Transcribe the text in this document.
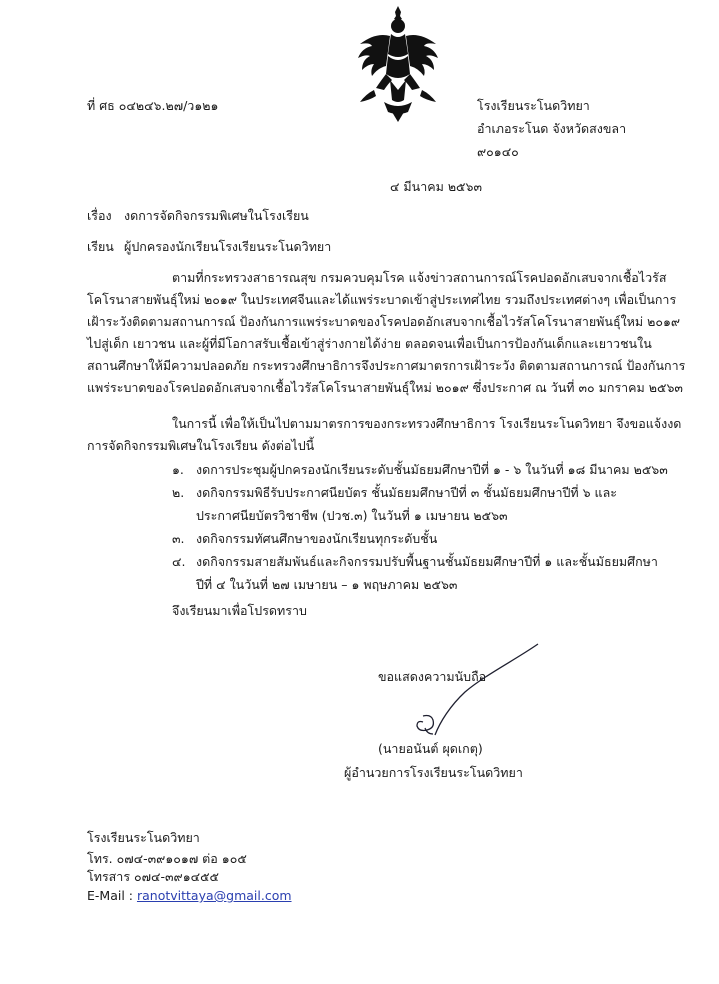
ที่ ศธ ๐๔๒๔๖.๒๗/ว๑๒๑	โรงเรียนระโนดวิทยา
อำเภอระโนด จังหวัดสงขลา
๙๐๑๔๐
๔ มีนาคม ๒๕๖๓
เรื่อง งดการจัดกิจกรรมพิเศษในโรงเรียน
เรียน ผู้ปกครองนักเรียนโรงเรียนระโนดวิทยา
ตามที่กระทรวงสาธารณสุข กรมควบคุมโรค แจ้งข่าวสถานการณ์โรคปอดอักเสบจากเชื้อไวรัส
โคโรนาสายพันธุ์ใหม่ ๒๐๑๙ ในประเทศจีนและได้แพร่ระบาดเข้าสู่ประเทศไทย รวมถึงประเทศต่างๆ เพื่อเป็นการ
เฝ้าระวังติดตามสถานการณ์ ป้องกันการแพร่ระบาดของโรคปอดอักเสบจากเชื้อไวรัสโคโรนาสายพันธุ์ใหม่ ๒๐๑๙
ไปสู่เด็ก เยาวชน และผู้ที่มีโอกาสรับเชื้อเข้าสู่ร่างกายได้ง่าย ตลอดจนเพื่อเป็นการป้องกันเด็กและเยาวชนใน
สถานศึกษาให้มีความปลอดภัย กระทรวงศึกษาธิการจึงประกาศมาตรการเฝ้าระวัง ติดตามสถานการณ์ ป้องกันการ
แพร่ระบาดของโรคปอดอักเสบจากเชื้อไวรัสโคโรนาสายพันธุ์ใหม่ ๒๐๑๙ ซึ่งประกาศ ณ วันที่ ๓๐ มกราคม ๒๕๖๓
ในการนี้ เพื่อให้เป็นไปตามมาตรการของกระทรวงศึกษาธิการ โรงเรียนระโนดวิทยา จึงขอแจ้งงด
การจัดกิจกรรมพิเศษในโรงเรียน ดังต่อไปนี้
๑. งดการประชุมผู้ปกครองนักเรียนระดับชั้นมัธยมศึกษาปีที่ ๑ - ๖ ในวันที่ ๑๘ มีนาคม ๒๕๖๓
๒. งดกิจกรรมพิธีรับประกาศนียบัตร ชั้นมัธยมศึกษาปีที่ ๓ ชั้นมัธยมศึกษาปีที่ ๖ และ
ประกาศนียบัตรวิชาชีพ (ปวช.๓) ในวันที่ ๑ เมษายน ๒๕๖๓
๓. งดกิจกรรมทัศนศึกษาของนักเรียนทุกระดับชั้น
๔. งดกิจกรรมสายสัมพันธ์และกิจกรรมปรับพื้นฐานชั้นมัธยมศึกษาปีที่ ๑ และชั้นมัธยมศึกษา
ปีที่ ๔ ในวันที่ ๒๗ เมษายน – ๑ พฤษภาคม ๒๕๖๓
จึงเรียนมาเพื่อโปรดทราบ
ขอแสดงความนับถือ
(นายอนันต์ ผุดเกตุ)
ผู้อำนวยการโรงเรียนระโนดวิทยา
โรงเรียนระโนดวิทยา
โทร. ๐๗๔-๓๙๑๐๑๗ ต่อ ๑๐๕
โทรสาร ๐๗๔-๓๙๑๔๕๕
E-Mail : ranotvittaya@gmail.com
